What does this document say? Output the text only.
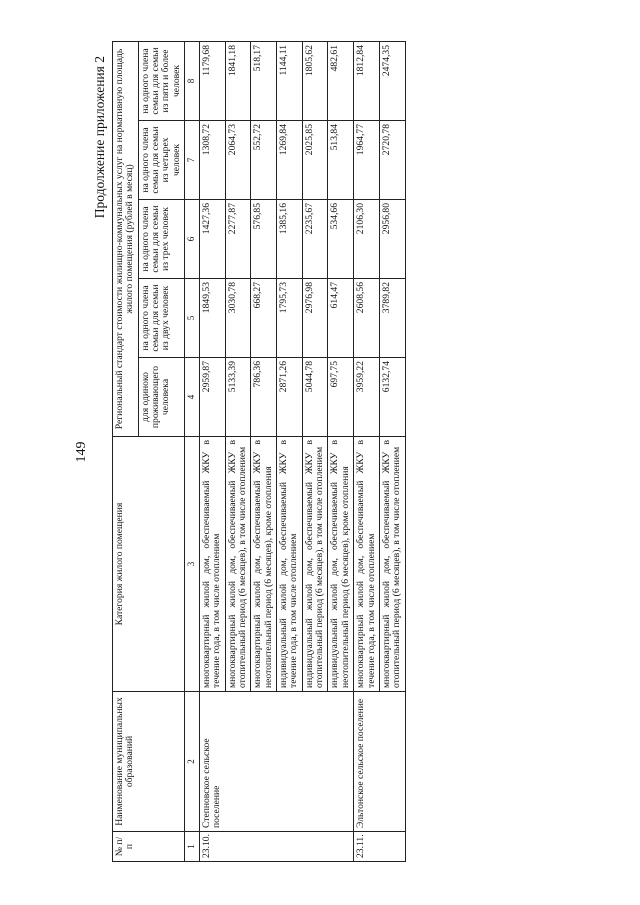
149
Продолжение приложения 2
№ п/п	Наименование муниципальных образований	Категория жилого помещения	Региональный стандарт стоимости жилищно-коммунальных услуг на нормативную площадь жилого помещения (рублей в месяц)				
			для одиноко проживающего человека	на одного члена семьи для семьи из двух человек	на одного члена семьи для семьи из трех человек	на одного члена семьи для семьи из четырех человек	на одного члена семьи для семьи из пяти и более человек
1	2	3	4	5	6	7	8
23.10.	Степновское сельское поселение	многоквартирный жилой дом, обеспечиваемый ЖКУ в течение года, в том числе отоплением	2959,87	1849,53	1427,36	1308,72	1179,68
		многоквартирный жилой дом, обеспечиваемый ЖКУ в отопительный период (6 месяцев), в том числе отоплением	5133,39	3030,78	2277,87	2064,73	1841,18
		многоквартирный жилой дом, обеспечиваемый ЖКУ в неотопительный период (6 месяцев), кроме отопления	786,36	668,27	576,85	552,72	518,17
		индивидуальный жилой дом, обеспечиваемый ЖКУ в течение года, в том числе отоплением	2871,26	1795,73	1385,16	1269,84	1144,11
		индивидуальный жилой дом, обеспечиваемый ЖКУ в отопительный период (6 месяцев), в том числе отоплением	5044,78	2976,98	2235,67	2025,85	1805,62
		индивидуальный жилой дом, обеспечиваемый ЖКУ в неотопительный период (6 месяцев), кроме отопления	697,75	614,47	534,66	513,84	482,61
23.11.	Эльтонское сельское поселение	многоквартирный жилой дом, обеспечиваемый ЖКУ в течение года, в том числе отоплением	3959,22	2608,56	2106,30	1964,77	1812,84
		многоквартирный жилой дом, обеспечиваемый ЖКУ в отопительный период (6 месяцев), в том числе отоплением	6132,74	3789,82	2956,80	2720,78	2474,35
